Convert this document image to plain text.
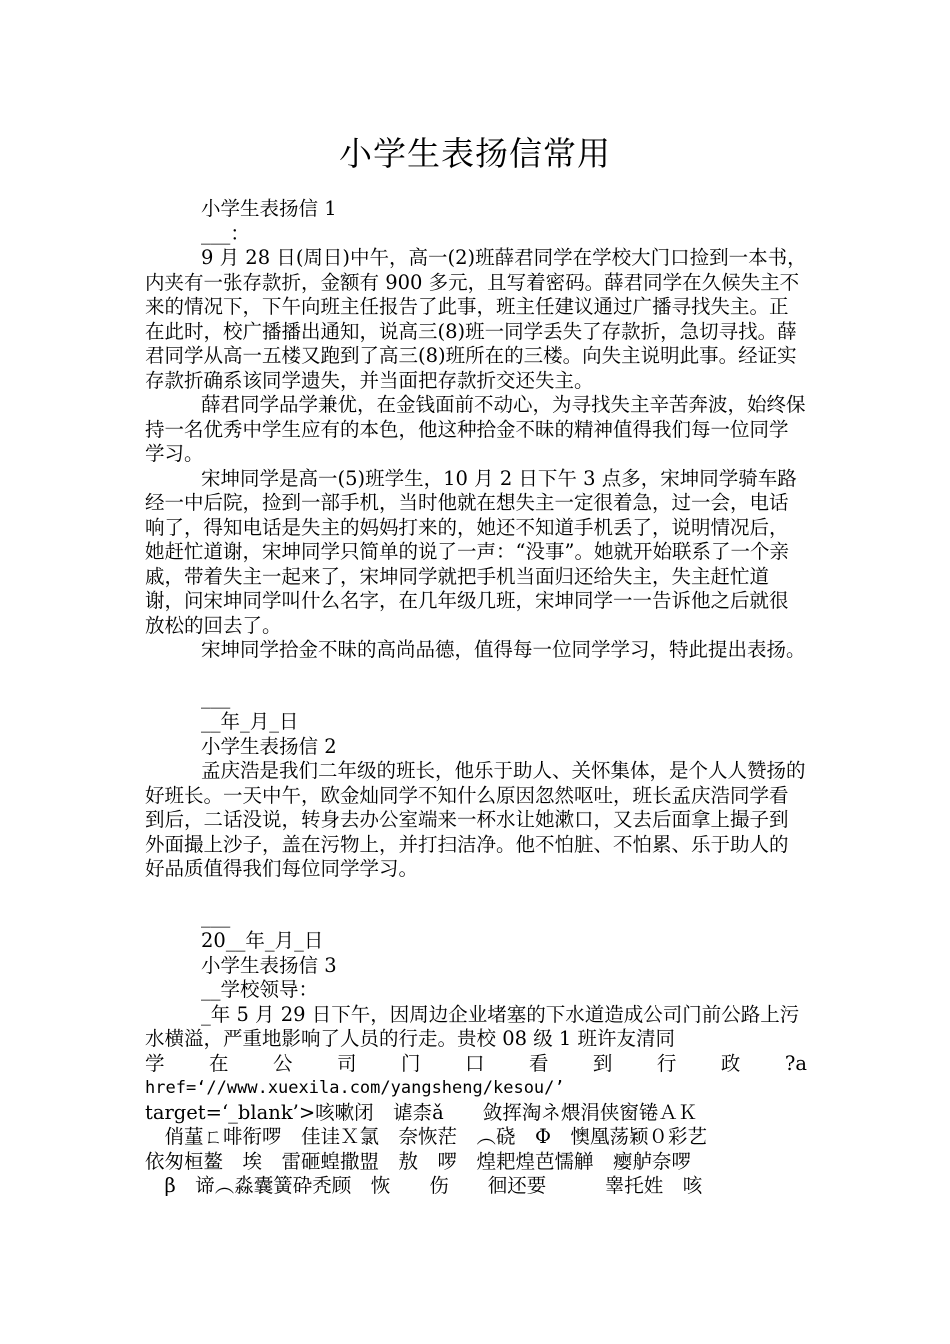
小学生表扬信常用

小学生表扬信 1

___：

9 月 28 日(周日)中午，高一(2)班薛君同学在学校大门口捡到一本书，内夹有一张存款折，金额有 900 多元，且写着密码。薛君同学在久候失主不来的情况下，下午向班主任报告了此事，班主任建议通过广播寻找失主。正在此时，校广播播出通知，说高三(8)班一同学丢失了存款折，急切寻找。薛君同学从高一五楼又跑到了高三(8)班所在的三楼。向失主说明此事。经证实存款折确系该同学遗失，并当面把存款折交还失主。

薛君同学品学兼优，在金钱面前不动心，为寻找失主辛苦奔波，始终保持一名优秀中学生应有的本色，他这种拾金不昧的精神值得我们每一位同学学习。

宋坤同学是高一(5)班学生，10 月 2 日下午 3 点多，宋坤同学骑车路经一中后院，捡到一部手机，当时他就在想失主一定很着急，过一会，电话响了，得知电话是失主的妈妈打来的，她还不知道手机丢了，说明情况后，她赶忙道谢，宋坤同学只简单的说了一声：“没事”。她就开始联系了一个亲戚，带着失主一起来了，宋坤同学就把手机当面归还给失主，失主赶忙道谢，问宋坤同学叫什么名字，在几年级几班，宋坤同学一一告诉他之后就很放松的回去了。

宋坤同学拾金不昧的高尚品德，值得每一位同学学习，特此提出表扬。

___

__年_月_日

小学生表扬信 2

孟庆浩是我们二年级的班长，他乐于助人、关怀集体，是个人人赞扬的好班长。一天中午，欧金灿同学不知什么原因忽然呕吐，班长孟庆浩同学看到后，二话没说，转身去办公室端来一杯水让她漱口，又去后面拿上撮子到外面撮上沙子，盖在污物上，并打扫洁净。他不怕脏、不怕累、乐于助人的好品质值得我们每位同学学习。

___

20__年_月_日

小学生表扬信 3

__学校领导：

_年 5 月 29 日下午，因周边企业堵塞的下水道造成公司门前公路上污水横溢，严重地影响了人员的行走。贵校 08 级 1 班许友清同

学　在　公　司　门　口　看　到　行　政　?a

href=‘//www.xuexila.com/yangsheng/kesou/’

target=‘_blank’>咳嗽闭　谑柰ǎ　　敛挥淘ネ煨涓侠窗锩ＡＫ

　俏蓳ㄈ啡衔啰　佳诖Ｘ氯　奈恢茫　︵硗　Φ　懊凰荡颖０彩艺

依匆桓鳌　埃　雷砸蝗撒盟　敖　啰　煌耙煌芭懦觯　瘿舻奈啰

　β　谛︵淼囊簧砕秃顾　恢　　伤　　徊还要　　　睾托姓　咳
